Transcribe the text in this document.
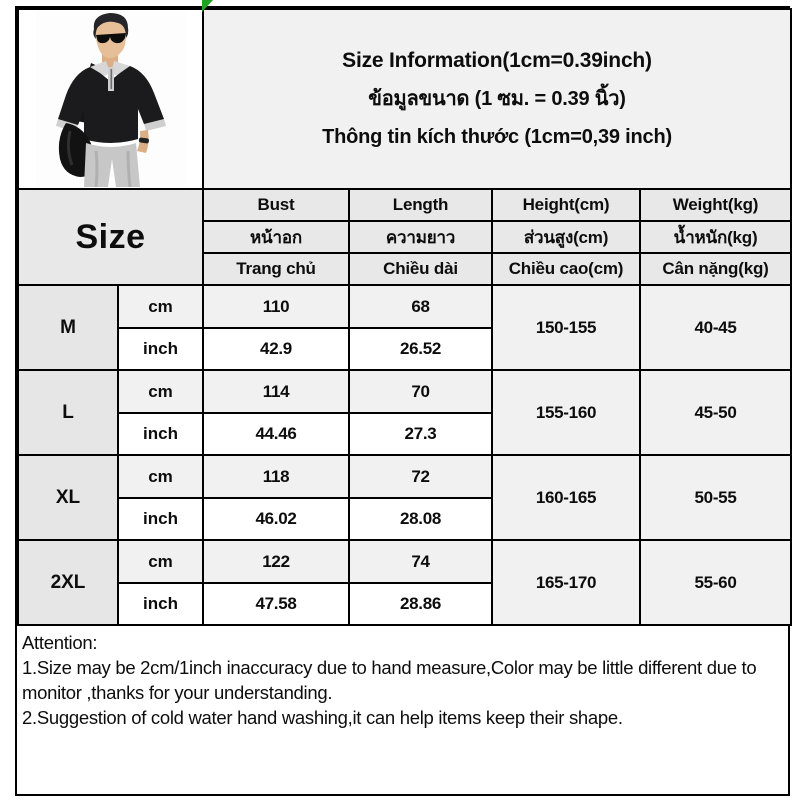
Size Information(1cm=0.39inch)
ข้อมูลขนาด (1 ซม. = 0.39 นิ้ว)
Thông tin kích thước (1cm=0,39 inch)			

Size		Bust	Length	Height(cm)	Weight(kg)
		หน้าอก	ความยาว	ส่วนสูง(cm)	น้ำหนัก(kg)
		Trang chủ	Chiều dài	Chiều cao(cm)	Cân nặng(kg)
M	cm	110	68	150-155	40-45
	inch	42.9	26.52		
L	cm	114	70	155-160	45-50
	inch	44.46	27.3		
XL	cm	118	72	160-165	50-55
	inch	46.02	28.08		
2XL	cm	122	74	165-170	55-60
	inch	47.58	28.86		

Attention:

1.Size may be 2cm/1inch inaccuracy due to hand measure,Color may be little different due to monitor ,thanks for your understanding.

2.Suggestion of cold water hand washing,it can help items keep their shape.
